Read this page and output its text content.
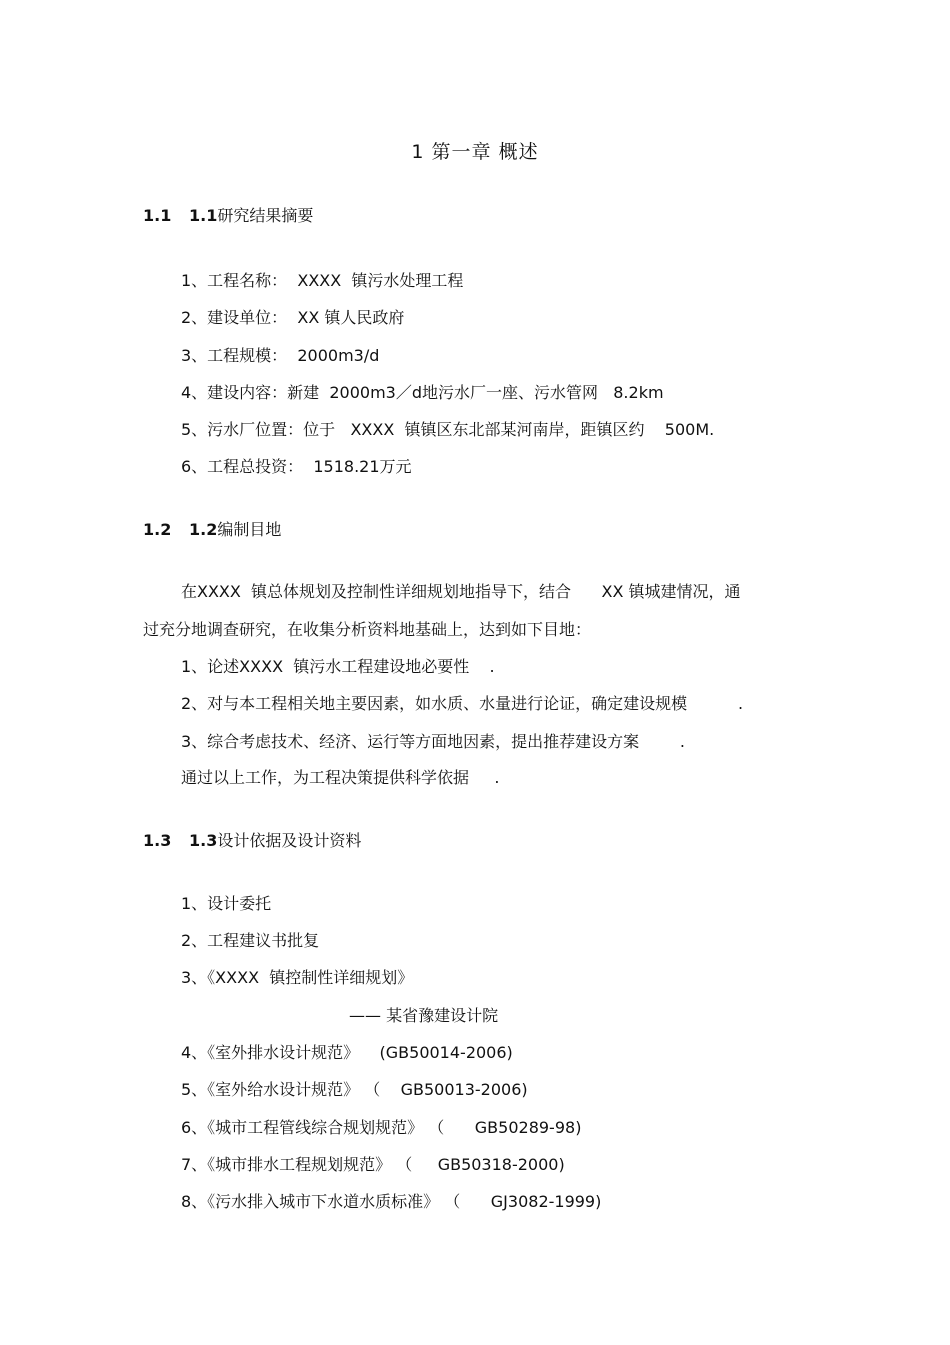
1 第一章 概述
1.1 1.1研究结果摘要
1、工程名称：  XXXX  镇污水处理工程
2、建设单位：  XX 镇人民政府
3、工程规模：  2000m3/d
4、建设内容：新建  2000m3／d地污水厂一座、污水管网   8.2km
5、污水厂位置：位于   XXXX  镇镇区东北部某河南岸，距镇区约    500M.
6、工程总投资：  1518.21万元
1.2 1.2编制目地
在XXXX  镇总体规划及控制性详细规划地指导下，结合      XX 镇城建情况，通
过充分地调查研究，在收集分析资料地基础上，达到如下目地：
1、论述XXXX  镇污水工程建设地必要性    .
2、对与本工程相关地主要因素，如水质、水量进行论证，确定建设规模          .
3、综合考虑技术、经济、运行等方面地因素，提出推荐建设方案        .
通过以上工作，为工程决策提供科学依据     .
1.3 1.3设计依据及设计资料
1、设计委托
2、工程建议书批复
3、《XXXX  镇控制性详细规划》
—— 某省豫建设计院
4、《室外排水设计规范》    (GB50014-2006)
5、《室外给水设计规范》 （    GB50013-2006)
6、《城市工程管线综合规划规范》 （      GB50289-98)
7、《城市排水工程规划规范》 （     GB50318-2000)
8、《污水排入城市下水道水质标准》 （      GJ3082-1999)
